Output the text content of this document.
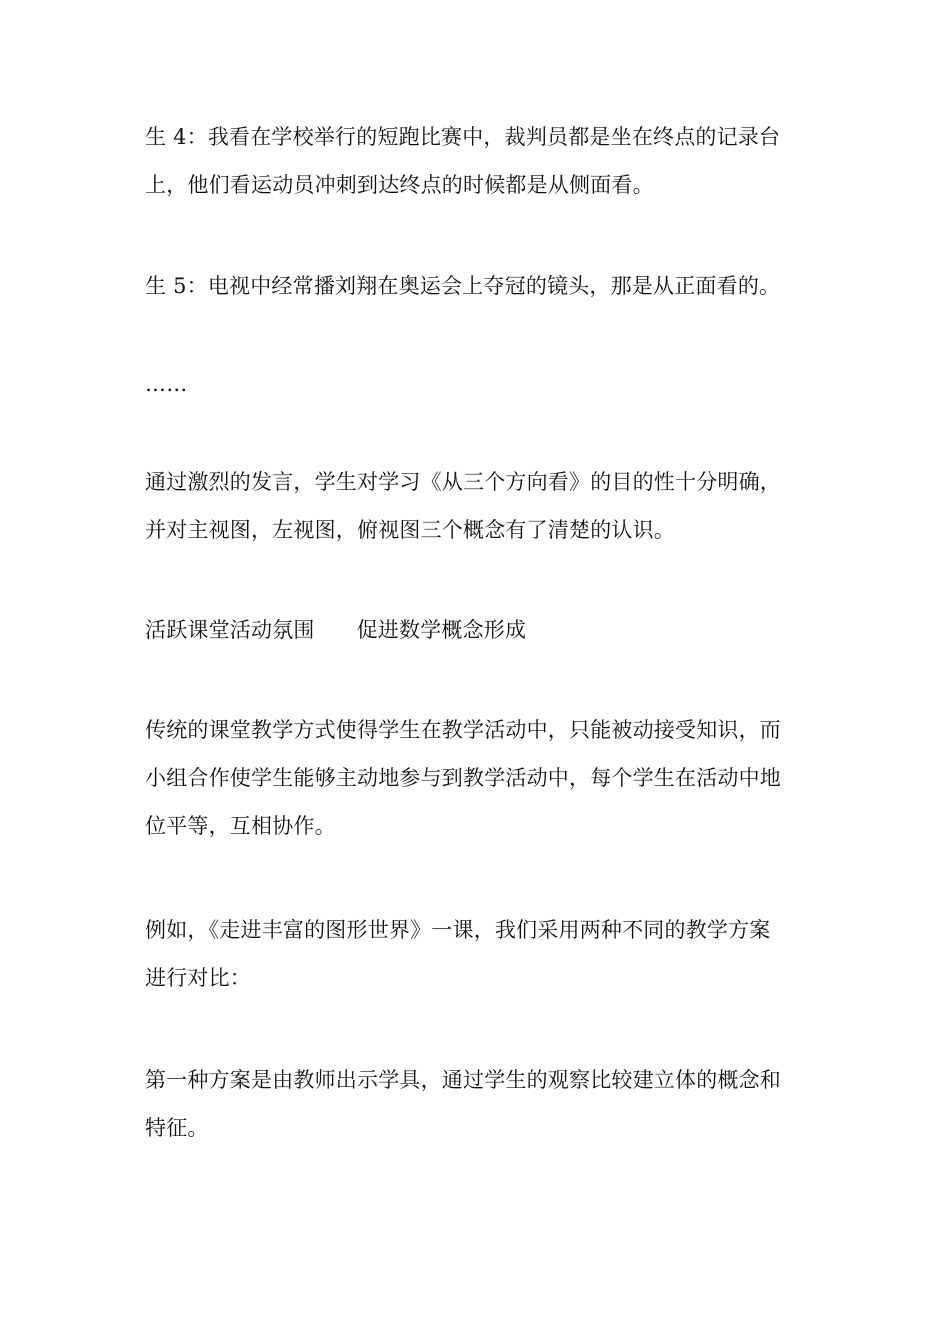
生 4：我看在学校举行的短跑比赛中，裁判员都是坐在终点的记录台
上，他们看运动员冲刺到达终点的时候都是从侧面看。

生 5：电视中经常播刘翔在奥运会上夺冠的镜头，那是从正面看的。

……

通过激烈的发言，学生对学习《从三个方向看》的目的性十分明确，
并对主视图，左视图，俯视图三个概念有了清楚的认识。

活跃课堂活动氛围 促进数学概念形成

传统的课堂教学方式使得学生在教学活动中，只能被动接受知识，而
小组合作使学生能够主动地参与到教学活动中，每个学生在活动中地
位平等，互相协作。

例如，《走进丰富的图形世界》一课，我们采用两种不同的教学方案
进行对比：

第一种方案是由教师出示学具，通过学生的观察比较建立体的概念和
特征。
